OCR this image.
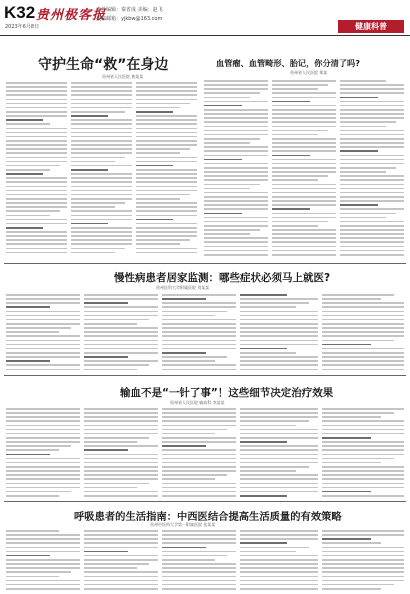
K32
2023年6月8日
贵州极客报
责任编辑：秦省成 美编：赵飞
投稿邮箱：yjkbw@163.com
健康科普
守护生命“救”在身边
贵州省人民医院 黄某某
血管瘤、血管畸形、胎记，你分清了吗?
贵州省人民医院 郑某
慢性病患者居家监测：哪些症状必须马上就医?
贵州医科大学附属医院 刘某某
输血不是“一针了事”！这些细节决定治疗效果
贵州省人民医院 输血科 李某某
呼吸患者的生活指南：中西医结合提高生活质量的有效策略
贵州中医药大学第一附属医院 张某某
